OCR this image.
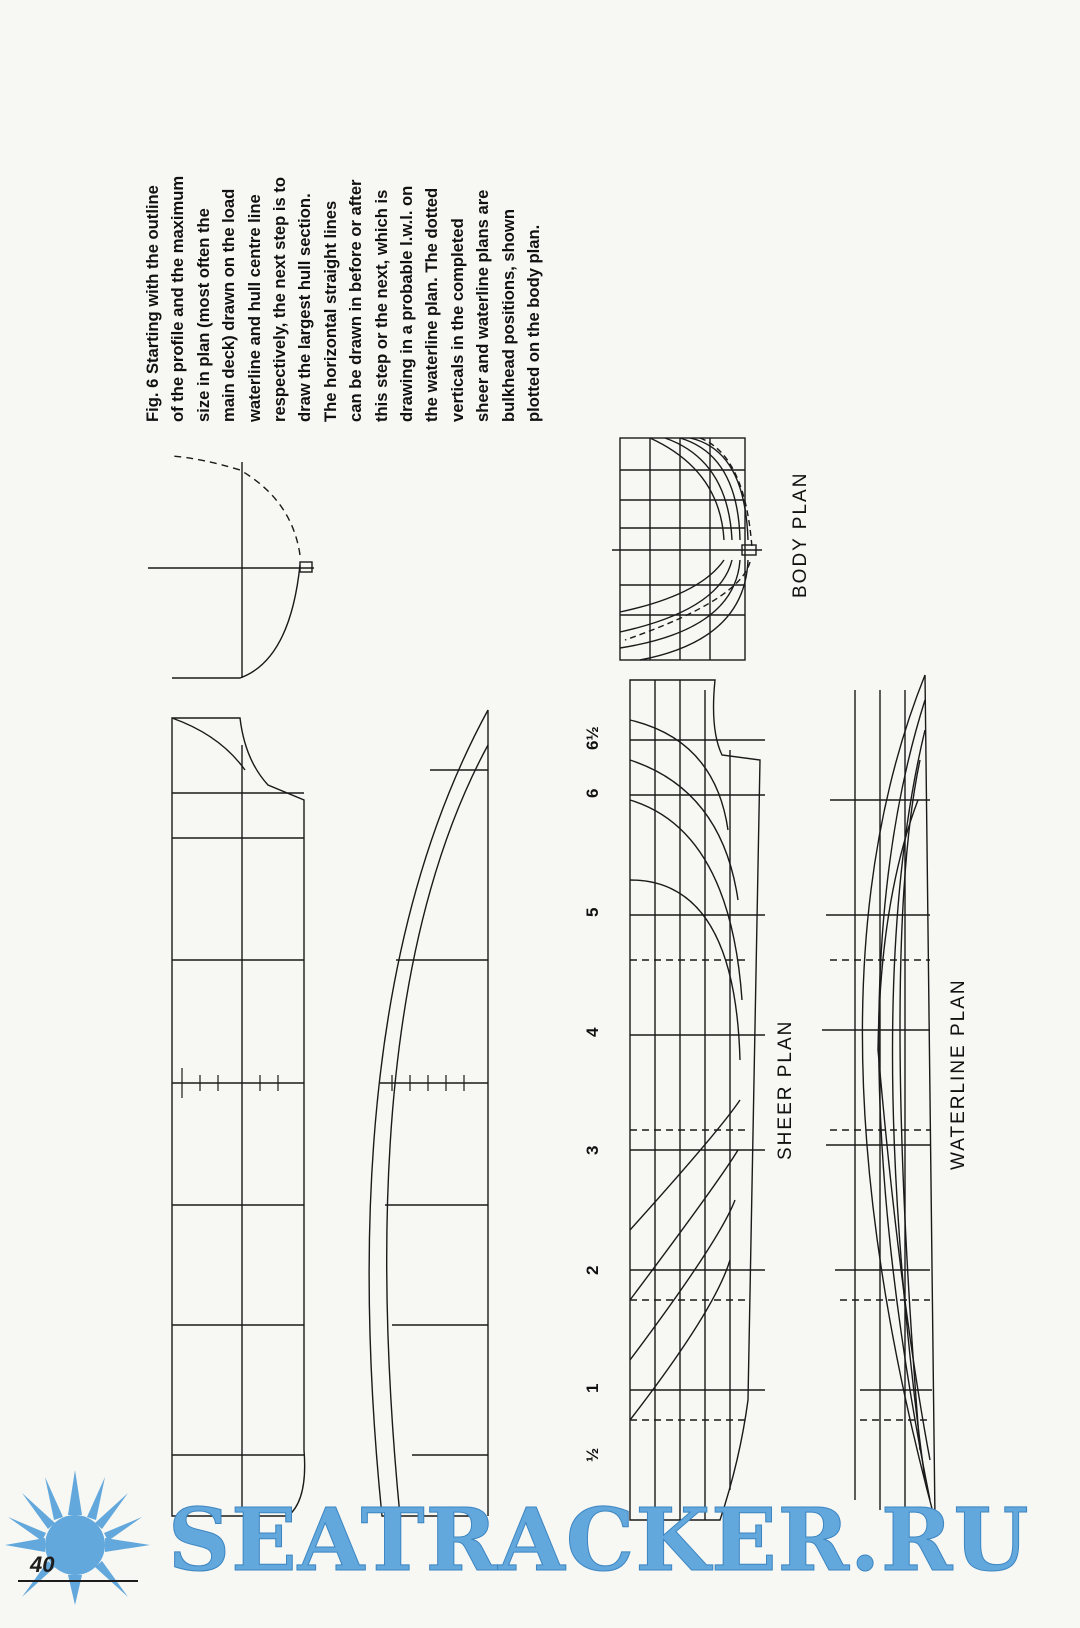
Fig. 6 Starting with the outline of the profile and the maximum size in plan (most often the main deck) drawn on the load waterline and hull centre line respectively, the next step is to draw the largest hull section. The horizontal straight lines can be drawn in before or after this step or the next, which is drawing in a probable l.w.l. on the waterline plan. The dotted verticals in the completed sheer and waterline plans are bulkhead positions, shown plotted on the body plan.
BODY PLAN
SHEER PLAN	WATERLINE PLAN
½
1
2
3
4
5
6
6½
SEATRACKER.RU
40
